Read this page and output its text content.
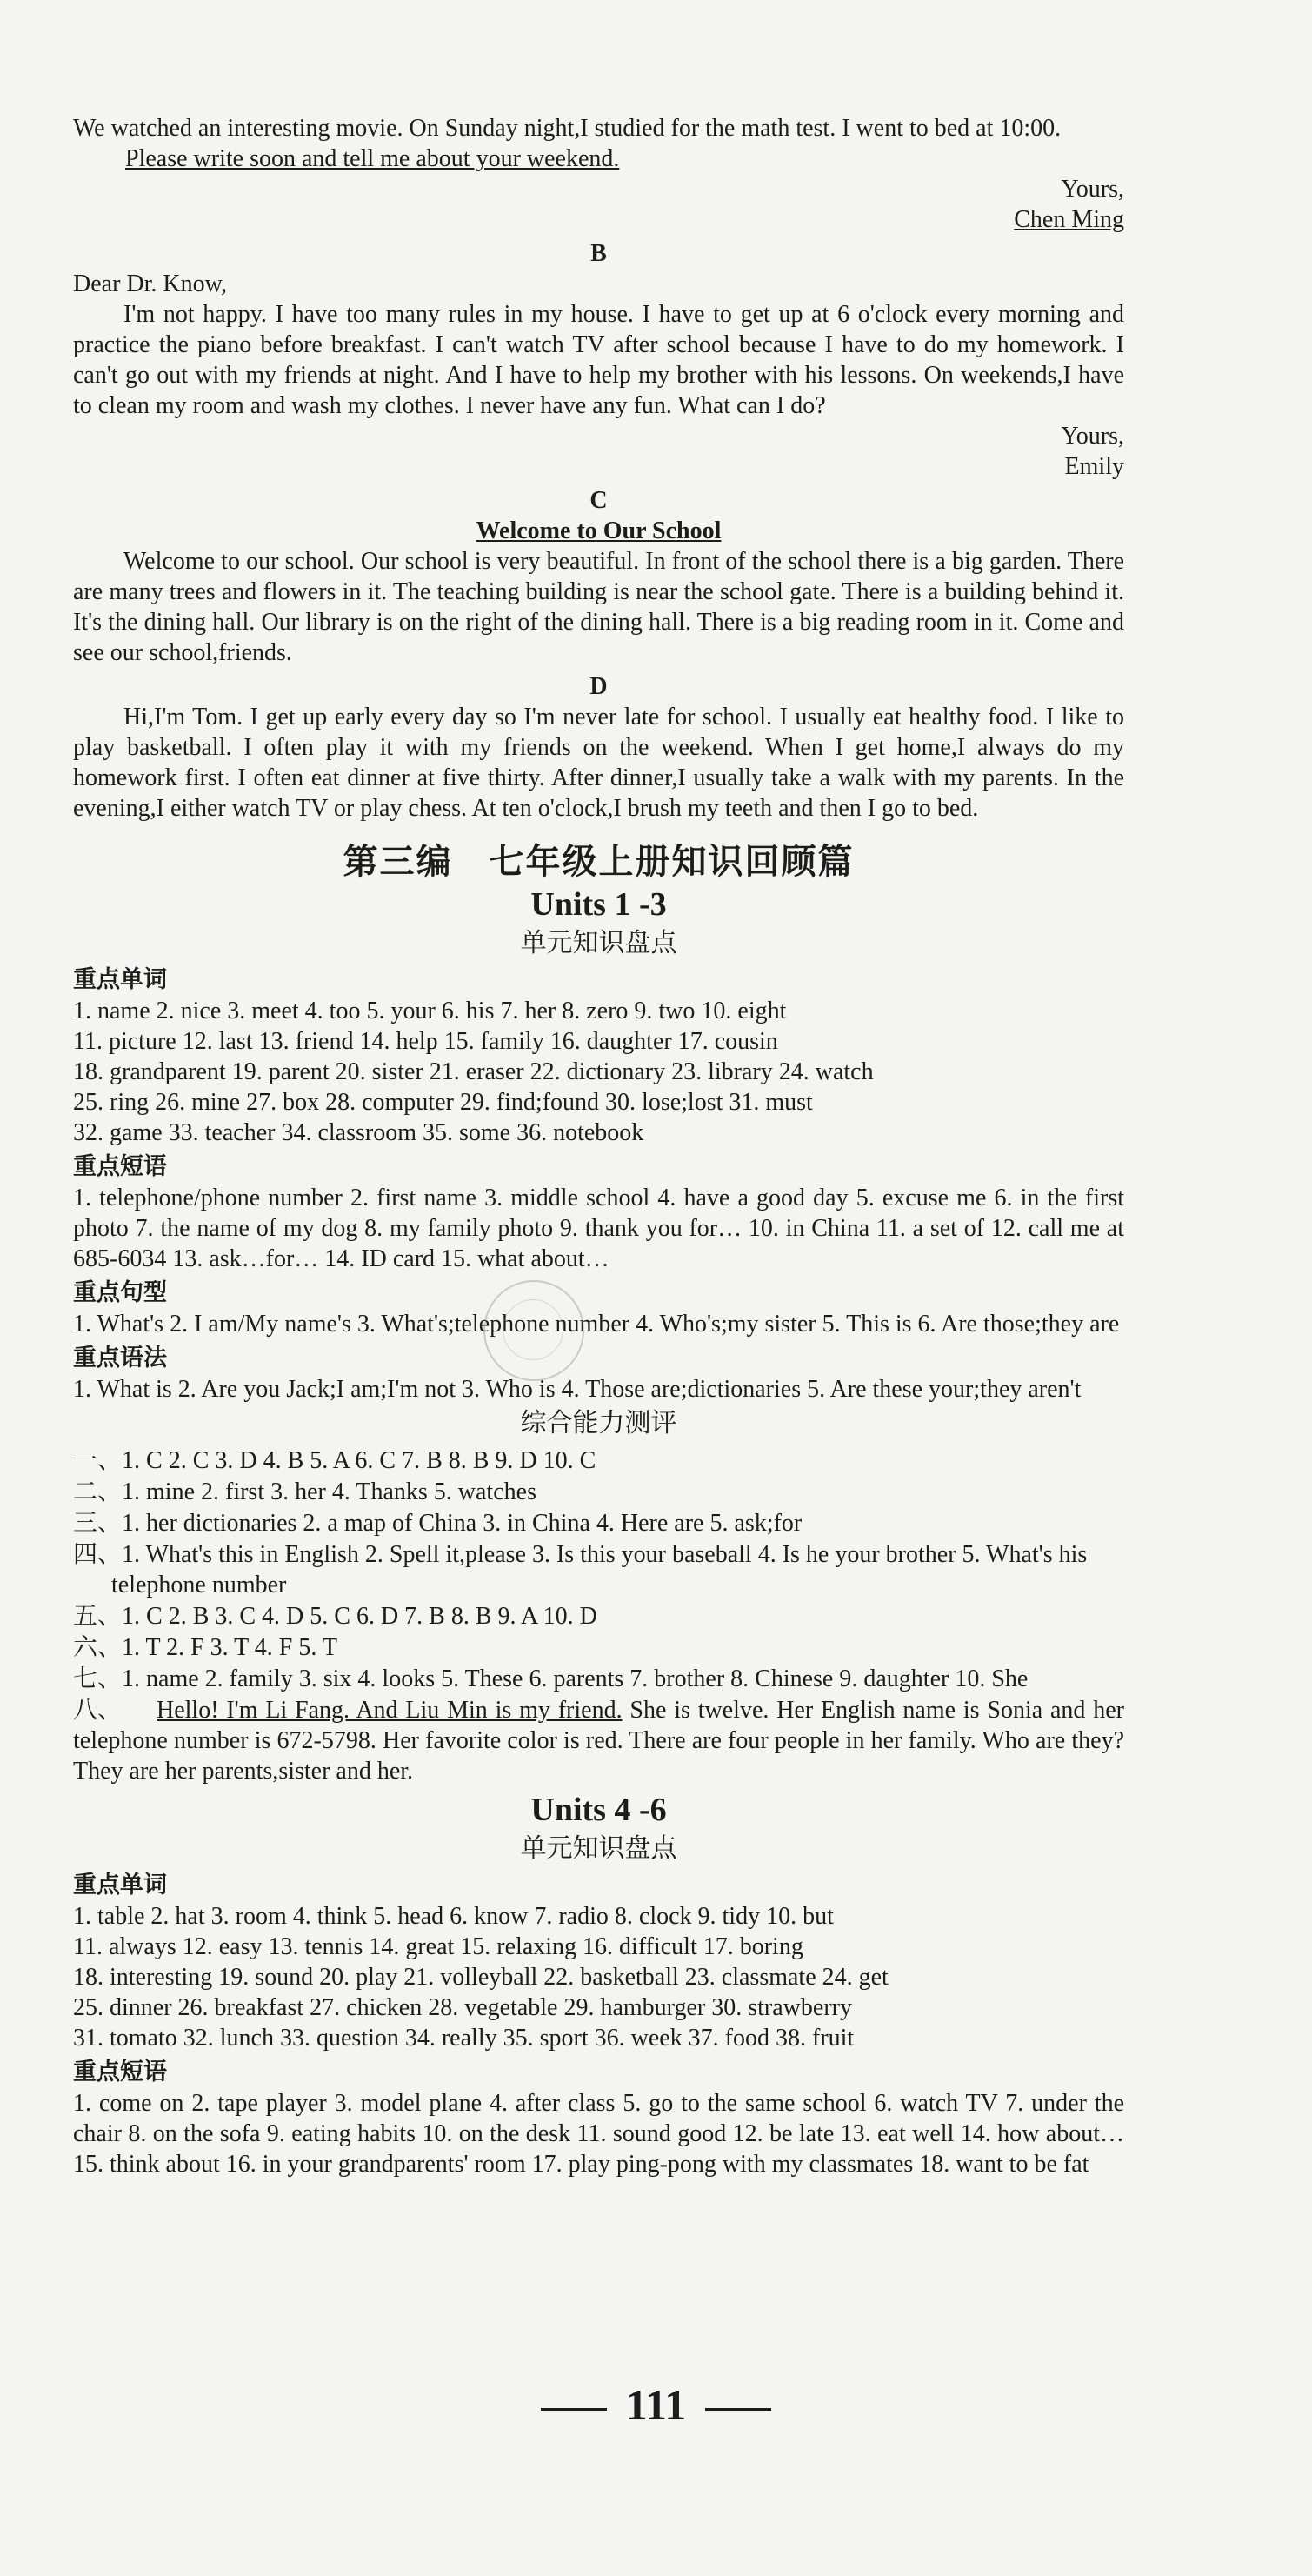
We watched an interesting movie. On Sunday night,I studied for the math test. I went to bed at 10:00.

Please write soon and tell me about your weekend.

Yours,
Chen Ming

B

Dear Dr. Know,

I'm not happy. I have too many rules in my house. I have to get up at 6 o'clock every morning and practice the piano before breakfast. I can't watch TV after school because I have to do my homework. I can't go out with my friends at night. And I have to help my brother with his lessons. On weekends,I have to clean my room and wash my clothes. I never have any fun. What can I do?

Yours,
Emily

C

Welcome to Our School

Welcome to our school. Our school is very beautiful. In front of the school there is a big garden. There are many trees and flowers in it. The teaching building is near the school gate. There is a building behind it. It's the dining hall. Our library is on the right of the dining hall. There is a big reading room in it. Come and see our school,friends.

D

Hi,I'm Tom. I get up early every day so I'm never late for school. I usually eat healthy food. I like to play basketball. I often play it with my friends on the weekend. When I get home,I always do my homework first. I often eat dinner at five thirty. After dinner,I usually take a walk with my parents. In the evening,I either watch TV or play chess. At ten o'clock,I brush my teeth and then I go to bed.

第三编　七年级上册知识回顾篇
Units 1 -3
单元知识盘点
重点单词

1. name 2. nice 3. meet 4. too 5. your 6. his 7. her 8. zero 9. two 10. eight

11. picture 12. last 13. friend 14. help 15. family 16. daughter 17. cousin

18. grandparent 19. parent 20. sister 21. eraser 22. dictionary 23. library 24. watch

25. ring 26. mine 27. box 28. computer 29. find;found 30. lose;lost 31. must

32. game 33. teacher 34. classroom 35. some 36. notebook

重点短语

1. telephone/phone number 2. first name 3. middle school 4. have a good day 5. excuse me 6. in the first photo 7. the name of my dog 8. my family photo 9. thank you for… 10. in China 11. a set of 12. call me at 685-6034 13. ask…for… 14. ID card 15. what about…

重点句型

1. What's 2. I am/My name's 3. What's;telephone number 4. Who's;my sister 5. This is 6. Are those;they are

重点语法

1. What is 2. Are you Jack;I am;I'm not 3. Who is 4. Those are;dictionaries 5. Are these your;they aren't

综合能力测评

一、1. C 2. C 3. D 4. B 5. A 6. C 7. B 8. B 9. D 10. C

二、1. mine 2. first 3. her 4. Thanks 5. watches

三、1. her dictionaries 2. a map of China 3. in China 4. Here are 5. ask;for

四、1. What's this in English 2. Spell it,please 3. Is this your baseball 4. Is he your brother 5. What's his telephone number

五、1. C 2. B 3. C 4. D 5. C 6. D 7. B 8. B 9. A 10. D

六、1. T 2. F 3. T 4. F 5. T

七、1. name 2. family 3. six 4. looks 5. These 6. parents 7. brother 8. Chinese 9. daughter 10. She

八、 Hello! I'm Li Fang. And Liu Min is my friend. She is twelve. Her English name is Sonia and her telephone number is 672-5798. Her favorite color is red. There are four people in her family. Who are they? They are her parents,sister and her.

Units 4 -6
单元知识盘点
重点单词

1. table 2. hat 3. room 4. think 5. head 6. know 7. radio 8. clock 9. tidy 10. but

11. always 12. easy 13. tennis 14. great 15. relaxing 16. difficult 17. boring

18. interesting 19. sound 20. play 21. volleyball 22. basketball 23. classmate 24. get

25. dinner 26. breakfast 27. chicken 28. vegetable 29. hamburger 30. strawberry

31. tomato 32. lunch 33. question 34. really 35. sport 36. week 37. food 38. fruit

重点短语

1. come on 2. tape player 3. model plane 4. after class 5. go to the same school 6. watch TV 7. under the chair 8. on the sofa 9. eating habits 10. on the desk 11. sound good 12. be late 13. eat well 14. how about… 15. think about 16. in your grandparents' room 17. play ping-pong with my classmates 18. want to be fat

111
